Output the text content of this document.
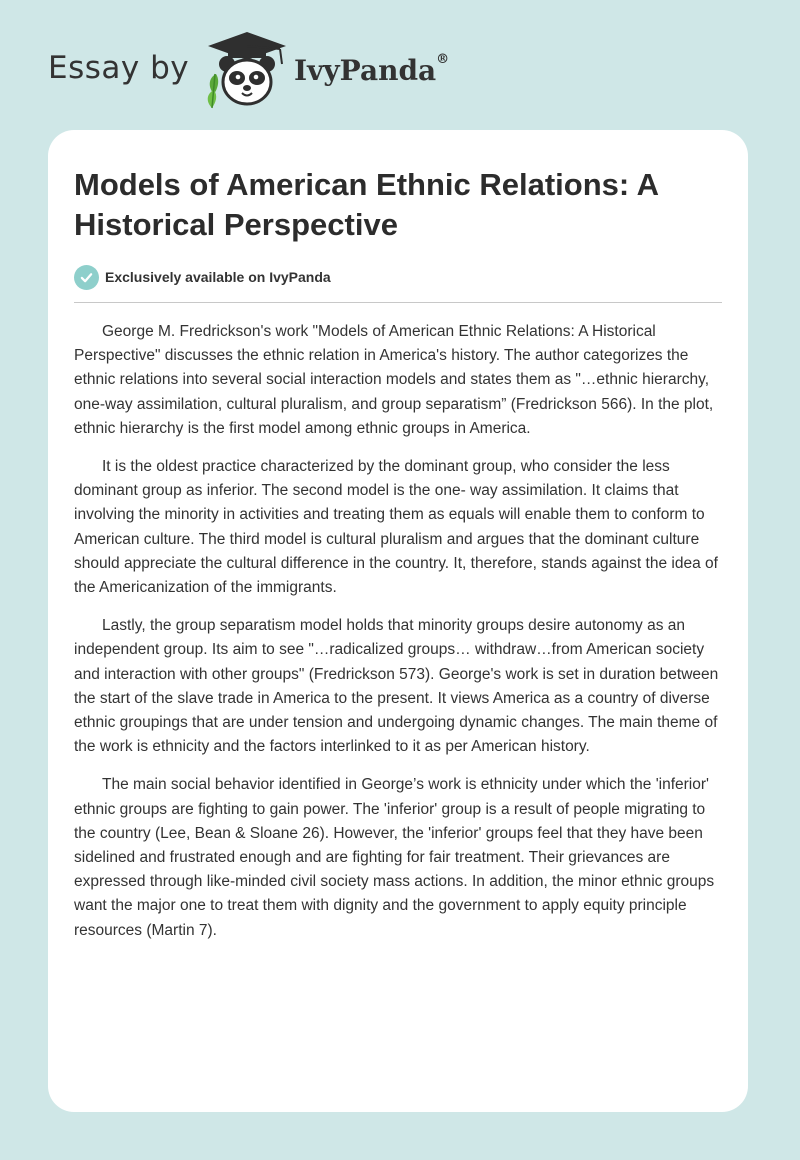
Essay by	IvyPanda®
Models of American Ethnic Relations: A Historical Perspective
Exclusively available on IvyPanda

George M. Fredrickson's work "Models of American Ethnic Relations: A Historical Perspective" discusses the ethnic relation in America's history. The author categorizes the ethnic relations into several social interaction models and states them as "…ethnic hierarchy, one-way assimilation, cultural pluralism, and group separatism” (Fredrickson 566). In the plot, ethnic hierarchy is the first model among ethnic groups in America.

It is the oldest practice characterized by the dominant group, who consider the less dominant group as inferior. The second model is the one- way assimilation. It claims that involving the minority in activities and treating them as equals will enable them to conform to American culture. The third model is cultural pluralism and argues that the dominant culture should appreciate the cultural difference in the country. It, therefore, stands against the idea of the Americanization of the immigrants.

Lastly, the group separatism model holds that minority groups desire autonomy as an independent group. Its aim to see "…radicalized groups… withdraw…from American society and interaction with other groups" (Fredrickson 573). George's work is set in duration between the start of the slave trade in America to the present. It views America as a country of diverse ethnic groupings that are under tension and undergoing dynamic changes. The main theme of the work is ethnicity and the factors interlinked to it as per American history.

The main social behavior identified in George’s work is ethnicity under which the 'inferior' ethnic groups are fighting to gain power. The 'inferior' group is a result of people migrating to the country (Lee, Bean & Sloane 26). However, the 'inferior' groups feel that they have been sidelined and frustrated enough and are fighting for fair treatment. Their grievances are expressed through like-minded civil society mass actions. In addition, the minor ethnic groups want the major one to treat them with dignity and the government to apply equity principle resources (Martin 7).
